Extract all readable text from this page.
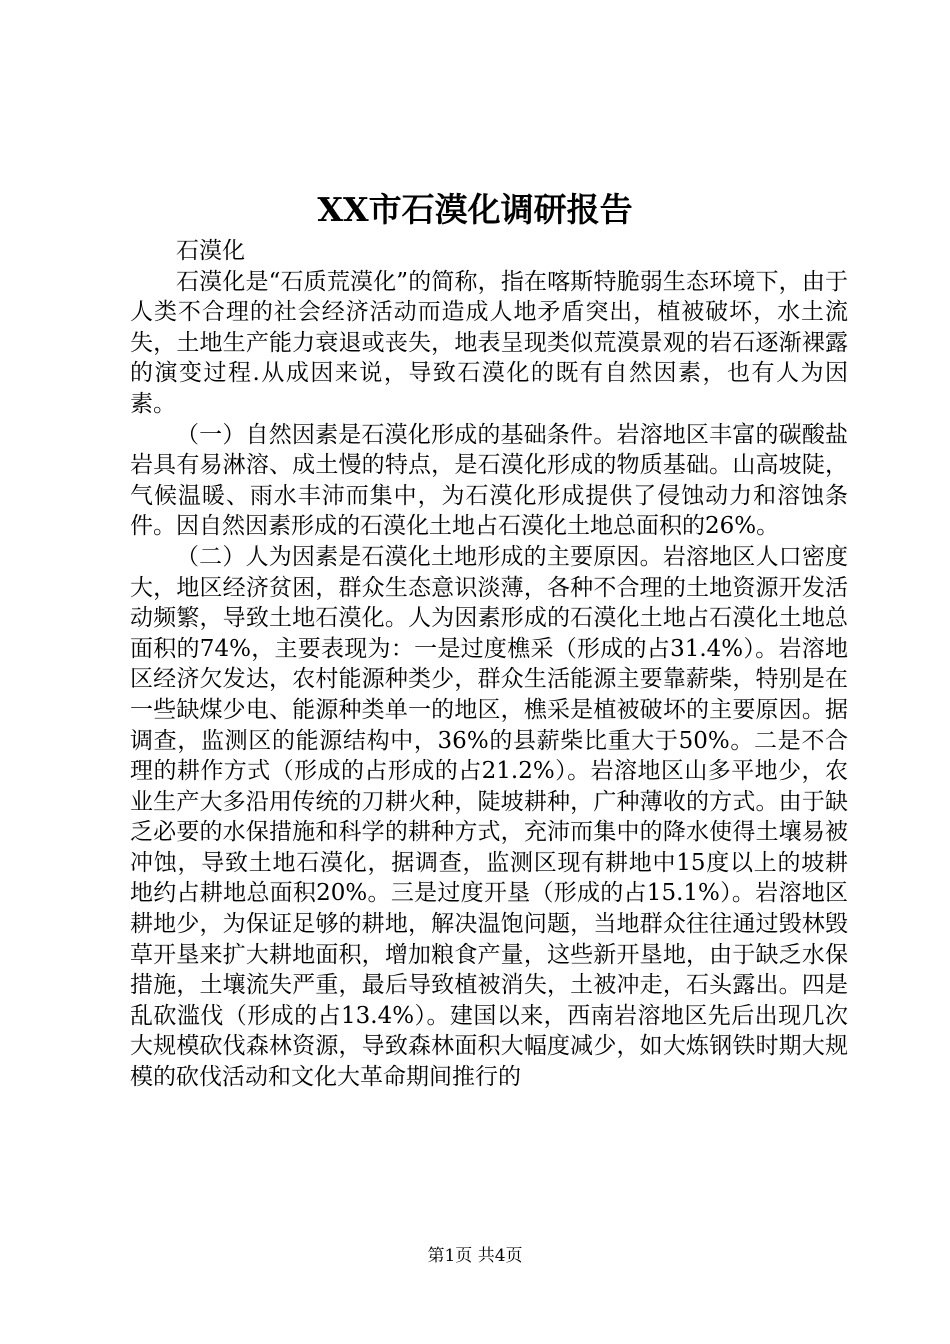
XX市石漠化调研报告

石漠化

石漠化是“石质荒漠化”的简称，指在喀斯特脆弱生态环境下，由于人类不合理的社会经济活动而造成人地矛盾突出，植被破坏，水土流失，土地生产能力衰退或丧失，地表呈现类似荒漠景观的岩石逐渐裸露的演变过程.从成因来说，导致石漠化的既有自然因素，也有人为因素。

（一）自然因素是石漠化形成的基础条件。岩溶地区丰富的碳酸盐岩具有易淋溶、成土慢的特点，是石漠化形成的物质基础。山高坡陡，气候温暖、雨水丰沛而集中，为石漠化形成提供了侵蚀动力和溶蚀条件。因自然因素形成的石漠化土地占石漠化土地总面积的26%。

（二）人为因素是石漠化土地形成的主要原因。岩溶地区人口密度大，地区经济贫困，群众生态意识淡薄，各种不合理的土地资源开发活动频繁，导致土地石漠化。人为因素形成的石漠化土地占石漠化土地总面积的74%，主要表现为：一是过度樵采（形成的占31.4%）。岩溶地区经济欠发达，农村能源种类少，群众生活能源主要靠薪柴，特别是在一些缺煤少电、能源种类单一的地区，樵采是植被破坏的主要原因。据调查，监测区的能源结构中，36%的县薪柴比重大于50%。二是不合理的耕作方式（形成的占形成的占21.2%）。岩溶地区山多平地少，农业生产大多沿用传统的刀耕火种，陡坡耕种，广种薄收的方式。由于缺乏必要的水保措施和科学的耕种方式，充沛而集中的降水使得土壤易被冲蚀，导致土地石漠化，据调查，监测区现有耕地中15度以上的坡耕地约占耕地总面积20%。三是过度开垦（形成的占15.1%）。岩溶地区耕地少，为保证足够的耕地，解决温饱问题，当地群众往往通过毁林毁草开垦来扩大耕地面积，增加粮食产量，这些新开垦地，由于缺乏水保措施，土壤流失严重，最后导致植被消失，土被冲走，石头露出。四是乱砍滥伐（形成的占13.4%）。建国以来，西南岩溶地区先后出现几次大规模砍伐森林资源，导致森林面积大幅度减少，如大炼钢铁时期大规模的砍伐活动和文化大革命期间推行的

第1页 共4页
